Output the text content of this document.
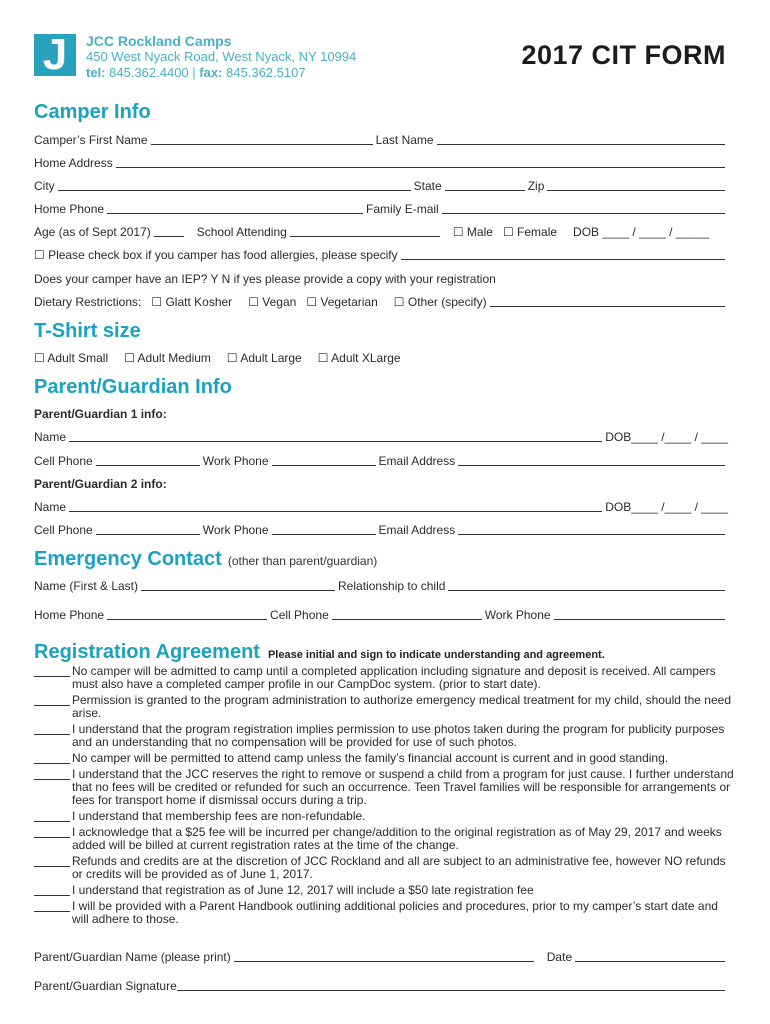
J	JCC Rockland Camps
450 West Nyack Road, West Nyack, NY 10994
tel: 845.362.4400 | fax: 845.362.5107
2017 CIT FORM
Camper Info
Camper’s First Name	Last Name
Home Address
City	State	Zip
Home Phone	Family E-mail
Age (as of Sept 2017)	School Attending	☐ Male ☐ Female DOB ____ / ____ / _____
☐ Please check box if you camper has food allergies, please specify
Does your camper have an IEP? Y N if yes please provide a copy with your registration
Dietary Restrictions: ☐ Glatt Kosher ☐ Vegan ☐ Vegetarian ☐ Other (specify)
T-Shirt size
☐ Adult Small ☐ Adult Medium ☐ Adult Large ☐ Adult XLarge
Parent/Guardian Info
Parent/Guardian 1 info:
Name	DOB____ /____ / ____
Cell Phone	Work Phone	Email Address
Parent/Guardian 2 info:
Name	DOB____ /____ / ____
Cell Phone	Work Phone	Email Address
Emergency Contact (other than parent/guardian)
Name (First & Last)	Relationship to child
Home Phone	Cell Phone	Work Phone
Registration Agreement Please initial and sign to indicate understanding and agreement.
No camper will be admitted to camp until a completed application including signature and deposit is received. All campers must also have a completed camper profile in our CampDoc system. (prior to start date).
Permission is granted to the program administration to authorize emergency medical treatment for my child, should the need arise.
I understand that the program registration implies permission to use photos taken during the program for publicity purposes and an understanding that no compensation will be provided for use of such photos.
No camper will be permitted to attend camp unless the family’s financial account is current and in good standing.
I understand that the JCC reserves the right to remove or suspend a child from a program for just cause. I further understand that no fees will be credited or refunded for such an occurrence. Teen Travel families will be responsible for arrangements or fees for transport home if dismissal occurs during a trip.
I understand that membership fees are non-refundable.
I acknowledge that a $25 fee will be incurred per change/addition to the original registration as of May 29, 2017 and weeks added will be billed at current registration rates at the time of the change.
Refunds and credits are at the discretion of JCC Rockland and all are subject to an administrative fee, however NO refunds or credits will be provided as of June 1, 2017.
I understand that registration as of June 12, 2017 will include a $50 late registration fee
I will be provided with a Parent Handbook outlining additional policies and procedures, prior to my camper’s start date and will adhere to those.
Parent/Guardian Name (please print)	Date
Parent/Guardian Signature
